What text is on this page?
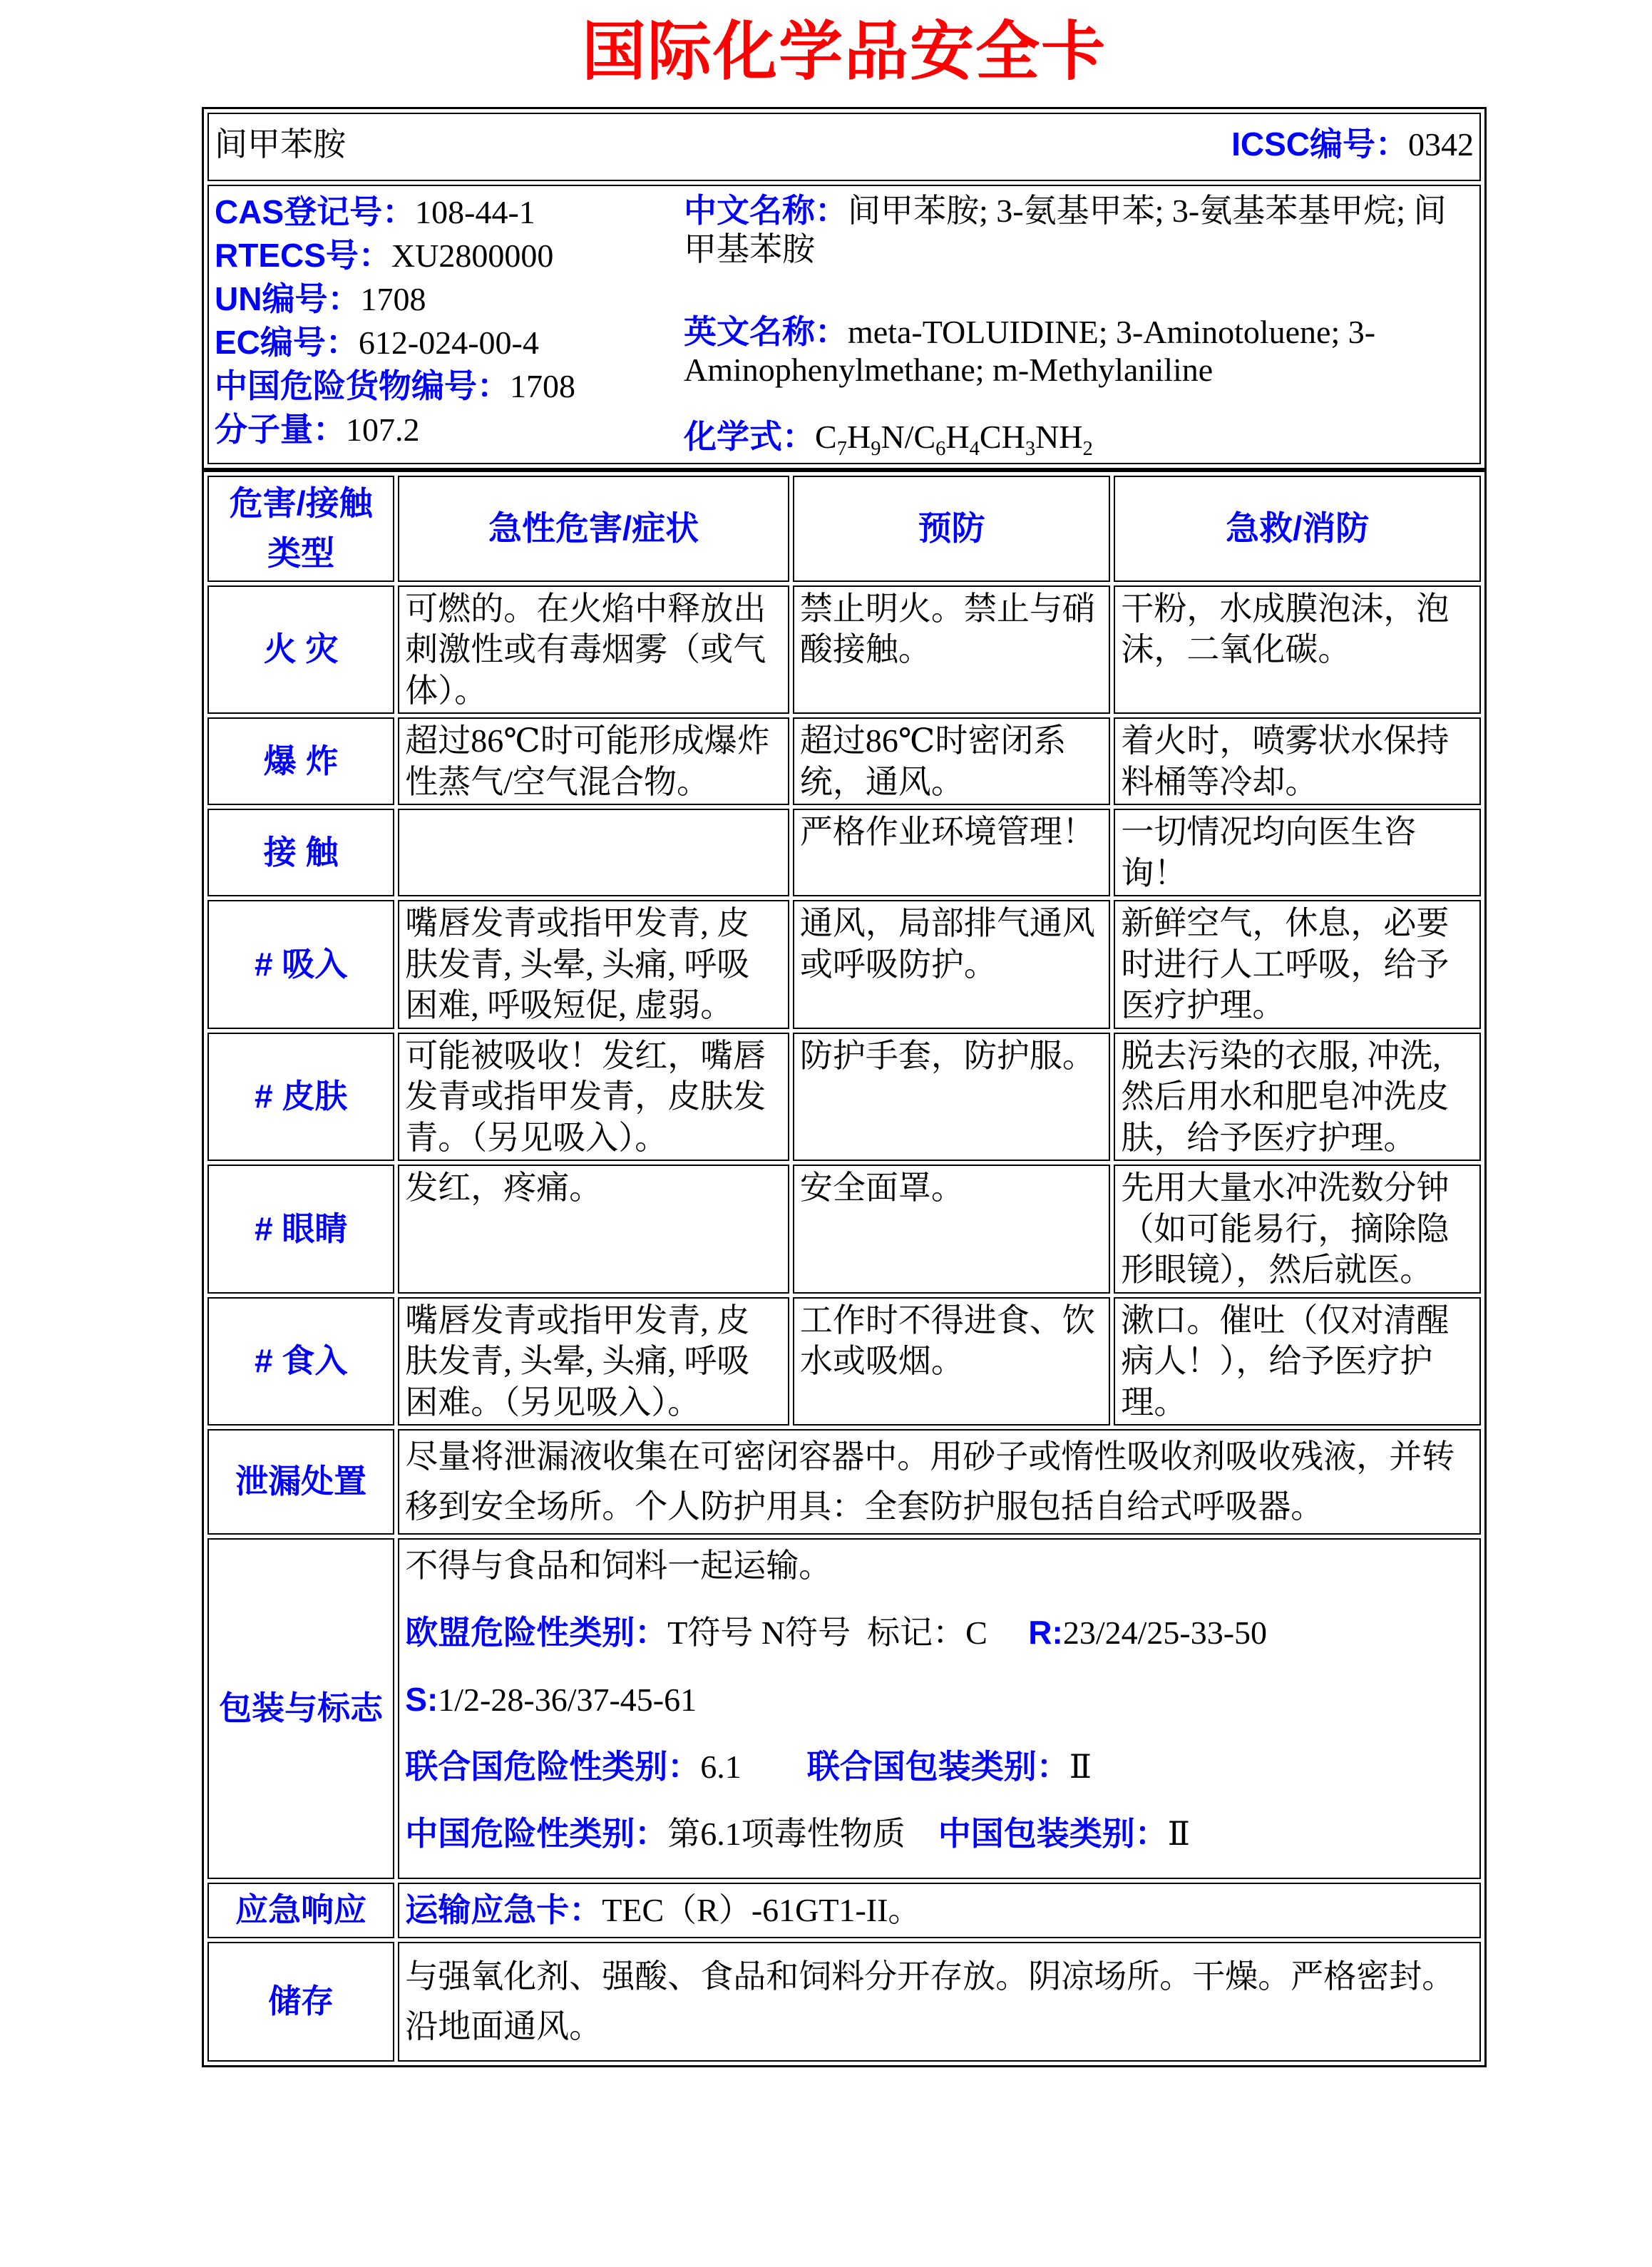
国际化学品安全卡
间甲苯胺	ICSC编号：0342

CAS登记号：108-44-1
RTECS号：XU2800000
UN编号：1708
EC编号：612-024-00-4
中国危险货物编号：1708
分子量：107.2

中文名称：间甲苯胺; 3-氨基甲苯; 3-氨基苯基甲烷; 间甲基苯胺

英文名称：meta-TOLUIDINE; 3-Aminotoluene; 3-Aminophenylmethane; m-Methylaniline

化学式：$C_7H_9N/C_6H_4CH_3NH_2$

危害/接触类型	急性危害/症状	预防	急救/消防
火 灾	可燃的。在火焰中释放出刺激性或有毒烟雾（或气体）。	禁止明火。禁止与硝酸接触。	干粉，水成膜泡沫，泡沫，二氧化碳。
爆 炸	超过86℃时可能形成爆炸性蒸气/空气混合物。	超过86℃时密闭系统，通风。	着火时，喷雾状水保持料桶等冷却。
接 触		严格作业环境管理！	一切情况均向医生咨询！
# 吸入	嘴唇发青或指甲发青, 皮肤发青, 头晕, 头痛, 呼吸困难, 呼吸短促, 虚弱。	通风，局部排气通风或呼吸防护。	新鲜空气，休息，必要时进行人工呼吸，给予医疗护理。
# 皮肤	可能被吸收！发红，嘴唇发青或指甲发青，皮肤发青。（另见吸入）。	防护手套，防护服。	脱去污染的衣服, 冲洗, 然后用水和肥皂冲洗皮肤，给予医疗护理。
# 眼睛	发红，疼痛。	安全面罩。	先用大量水冲洗数分钟（如可能易行，摘除隐形眼镜），然后就医。
# 食入	嘴唇发青或指甲发青, 皮肤发青, 头晕, 头痛, 呼吸困难。（另见吸入）。	工作时不得进食、饮水或吸烟。	漱口。催吐（仅对清醒病人！），给予医疗护理。
泄漏处置	尽量将泄漏液收集在可密闭容器中。用砂子或惰性吸收剂吸收残液，并转移到安全场所。个人防护用具：全套防护服包括自给式呼吸器。		
包装与标志	不得与食品和饲料一起运输。

欧盟危险性类别：T符号 N符号  标记：C　 R:23/24/25-33-50

S:1/2-28-36/37-45-61

联合国危险性类别：6.1　　 联合国包装类别：Ⅱ

中国危险性类别：第6.1项毒性物质　 中国包装类别：Ⅱ		

应急响应	运输应急卡：TEC（R）-61GT1-II。		
储存	与强氧化剂、强酸、食品和饲料分开存放。阴凉场所。干燥。严格密封。沿地面通风。		
